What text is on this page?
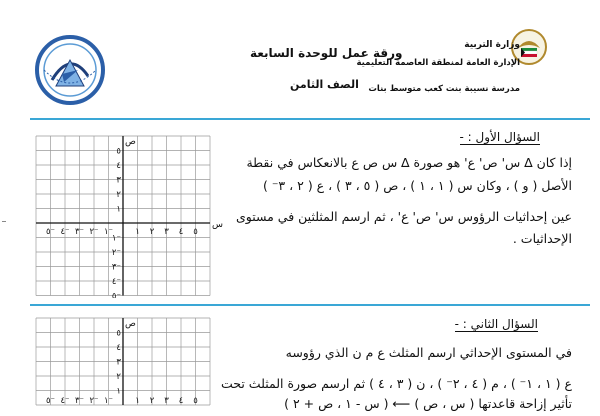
وزارة التربية
الإدارة العامة لمنطقة العاصمة التعليمية
مدرسة نسيبة بنت كعب متوسط بنات
ورقة عمل للوحدة السابعة
الصف الثامن
٥⁻ ٤⁻ ٣⁻ ٢⁻ ١⁻	١ ٢ ٣ ٤ ٥
س
٥
٤
٣
٢
١
١⁻
٢⁻
٣⁻
٤⁻
٥⁻
ص	السؤال الأول : -
إذا كان ∆ س' ص' ع' هو صورة ∆ س ص ع بالانعكاس في نقطة
الأصل ( و ) ، وكان س ( ١ ، ١ ) ، ص ( ٥ ، ٣ ) ، ع ( ٢ ، ٣⁻ )
عين إحداثيات الرؤوس س' ص' ع' ، ثم ارسم المثلثين في مستوى
الإحداثيات .
٥⁻ ٤⁻ ٣⁻ ٢⁻ ١⁻	١ ٢ ٣ ٤ ٥
٥
٤
٣
٢
١
ص	السؤال الثاني : -
في المستوى الإحداثي ارسم المثلث ع م ن الذي رؤوسه
ع ( ١ ، ١⁻ ) ، م ( ٤ ، ٢⁻ ) ، ن ( ٣ ، ٤ ) ثم ارسم صورة المثلث تحت
تأثير إزاحة قاعدتها ( س ، ص ) ⟵ ( س - ١ ، ص + ٢ )
